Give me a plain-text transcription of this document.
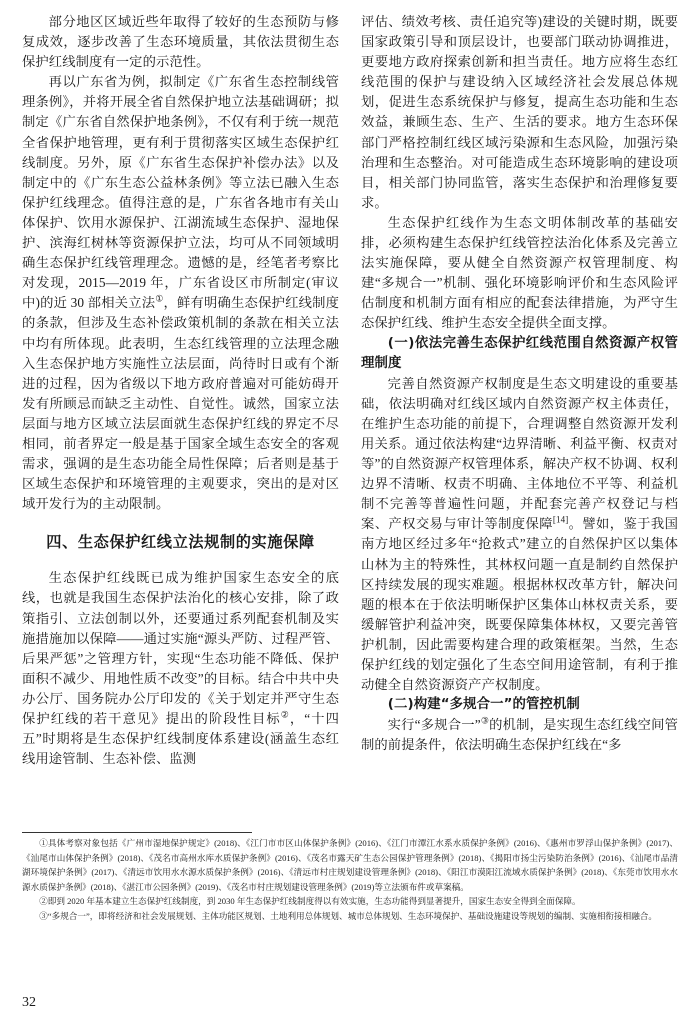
部分地区区域近些年取得了较好的生态预防与修复成效，逐步改善了生态环境质量，其依法贯彻生态保护红线制度有一定的示范性。

再以广东省为例，拟制定《广东省生态控制线管理条例》，并将开展全省自然保护地立法基础调研；拟制定《广东省自然保护地条例》，不仅有利于统一规范全省保护地管理，更有利于贯彻落实区域生态保护红线制度。另外，原《广东省生态保护补偿办法》以及制定中的《广东生态公益林条例》等立法已融入生态保护红线理念。值得注意的是，广东省各地市有关山体保护、饮用水源保护、江湖流域生态保护、湿地保护、滨海红树林等资源保护立法，均可从不同领域明确生态保护红线管理理念。遗憾的是，经笔者考察比对发现，2015—2019 年，广东省设区市所制定(审议中)的近 30 部相关立法①，鲜有明确生态保护红线制度的条款，但涉及生态补偿政策机制的条款在相关立法中均有所体现。此表明，生态红线管理的立法理念融入生态保护地方实施性立法层面，尚待时日或有个渐进的过程，因为省级以下地方政府普遍对可能妨碍开发有所顾忌而缺乏主动性、自觉性。诚然，国家立法层面与地方区域立法层面就生态保护红线的界定不尽相同，前者界定一般是基于国家全域生态安全的客观需求，强调的是生态功能全局性保障；后者则是基于区域生态保护和环境管理的主观要求，突出的是对区域开发行为的主动限制。

四、生态保护红线立法规制的实施保障

生态保护红线既已成为维护国家生态安全的底线，也就是我国生态保护法治化的核心安排，除了政策指引、立法创制以外，还要通过系列配套机制及实施措施加以保障——通过实施“源头严防、过程严管、后果严惩”之管理方针，实现“生态功能不降低、保护面积不减少、用地性质不改变”的目标。结合中共中央办公厅、国务院办公厅印发的《关于划定并严守生态保护红线的若干意见》提出的阶段性目标②，“十四五”时期将是生态保护红线制度体系建设(涵盖生态红线用途管制、生态补偿、监测

评估、绩效考核、责任追究等)建设的关键时期，既要国家政策引导和顶层设计，也要部门联动协调推进，更要地方政府探索创新和担当责任。地方应将生态红线范围的保护与建设纳入区域经济社会发展总体规划，促进生态系统保护与修复，提高生态功能和生态效益，兼顾生态、生产、生活的要求。地方生态环保部门严格控制红线区域污染源和生态风险，加强污染治理和生态整治。对可能造成生态环境影响的建设项目，相关部门协同监管，落实生态保护和治理修复要求。

生态保护红线作为生态文明体制改革的基础安排，必须构建生态保护红线管控法治化体系及完善立法实施保障，要从健全自然资源产权管理制度、构建“多规合一”机制、强化环境影响评价和生态风险评估制度和机制方面有相应的配套法律措施，为严守生态保护红线、维护生态安全提供全面支撑。

(一)依法完善生态保护红线范围自然资源产权管理制度

完善自然资源产权制度是生态文明建设的重要基础，依法明确对红线区域内自然资源产权主体责任，在维护生态功能的前提下，合理调整自然资源开发利用关系。通过依法构建“边界清晰、利益平衡、权责对等”的自然资源产权管理体系，解决产权不协调、权利边界不清晰、权责不明确、主体地位不平等、利益机制不完善等普遍性问题，并配套完善产权登记与档案、产权交易与审计等制度保障[14]。譬如，鉴于我国南方地区经过多年“抢救式”建立的自然保护区以集体山林为主的特殊性，其林权问题一直是制约自然保护区持续发展的现实难题。根据林权改革方针，解决问题的根本在于依法明晰保护区集体山林权责关系，要缓解管护利益冲突，既要保障集体林权，又要完善管护机制，因此需要构建合理的政策框架。当然，生态保护红线的划定强化了生态空间用途管制，有利于推动健全自然资源资产产权制度。

(二)构建“多规合一”的管控机制

实行“多规合一”③的机制，是实现生态红线空间管制的前提条件，依法明确生态保护红线在“多

①具体考察对象包括《广州市湿地保护规定》(2018)、《江门市市区山体保护条例》(2016)、《江门市潭江水系水质保护条例》(2016)、《惠州市罗浮山保护条例》(2017)、《汕尾市山体保护条例》(2018)、《茂名市高州水库水质保护条例》(2016)、《茂名市露天矿生态公园保护管理条例》(2018)、《揭阳市扬尘污染防治条例》(2016)、《汕尾市品清湖环境保护条例》(2017)、《清远市饮用水水源水质保护条例》(2016)、《清远市村庄规划建设管理条例》(2018)、《阳江市漠阳江流域水质保护条例》(2018)、《东莞市饮用水水源水质保护条例》(2018)、《湛江市公园条例》(2019)、《茂名市村庄规划建设管理条例》(2019)等立法颁布件或草案稿。

②即到 2020 年基本建立生态保护红线制度，到 2030 年生态保护红线制度得以有效实施，生态功能得到显著提升，国家生态安全得到全面保障。

③“多规合一”，即将经济和社会发展规划、主体功能区规划、土地利用总体规划、城市总体规划、生态环境保护、基础设施建设等规划的编制、实施相衔接相融合。

32
